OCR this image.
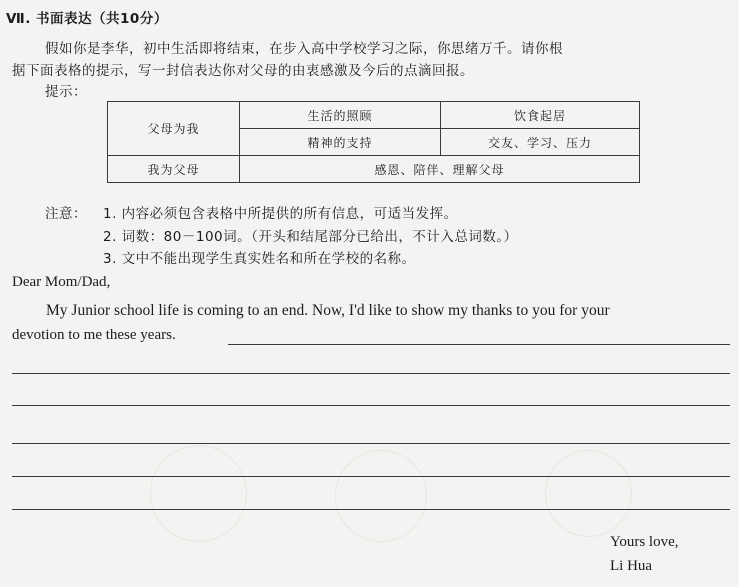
Ⅶ. 书面表达（共10分）
假如你是李华，初中生活即将结束，在步入高中学校学习之际，你思绪万千。请你根
据下面表格的提示，写一封信表达你对父母的由衷感激及今后的点滴回报。
提示：
父母为我	生活的照顾	饮食起居
	精神的支持	交友、学习、压力
我为父母	感恩、陪伴、理解父母	
注意： 1. 内容必须包含表格中所提供的所有信息，可适当发挥。
2. 词数：80－100词。（开头和结尾部分已给出，不计入总词数。）
3. 文中不能出现学生真实姓名和所在学校的名称。
Dear Mom/Dad,
My Junior school life is coming to an end. Now, I'd like to show my thanks to you for your
devotion to me these years.
Yours love,
Li Hua
